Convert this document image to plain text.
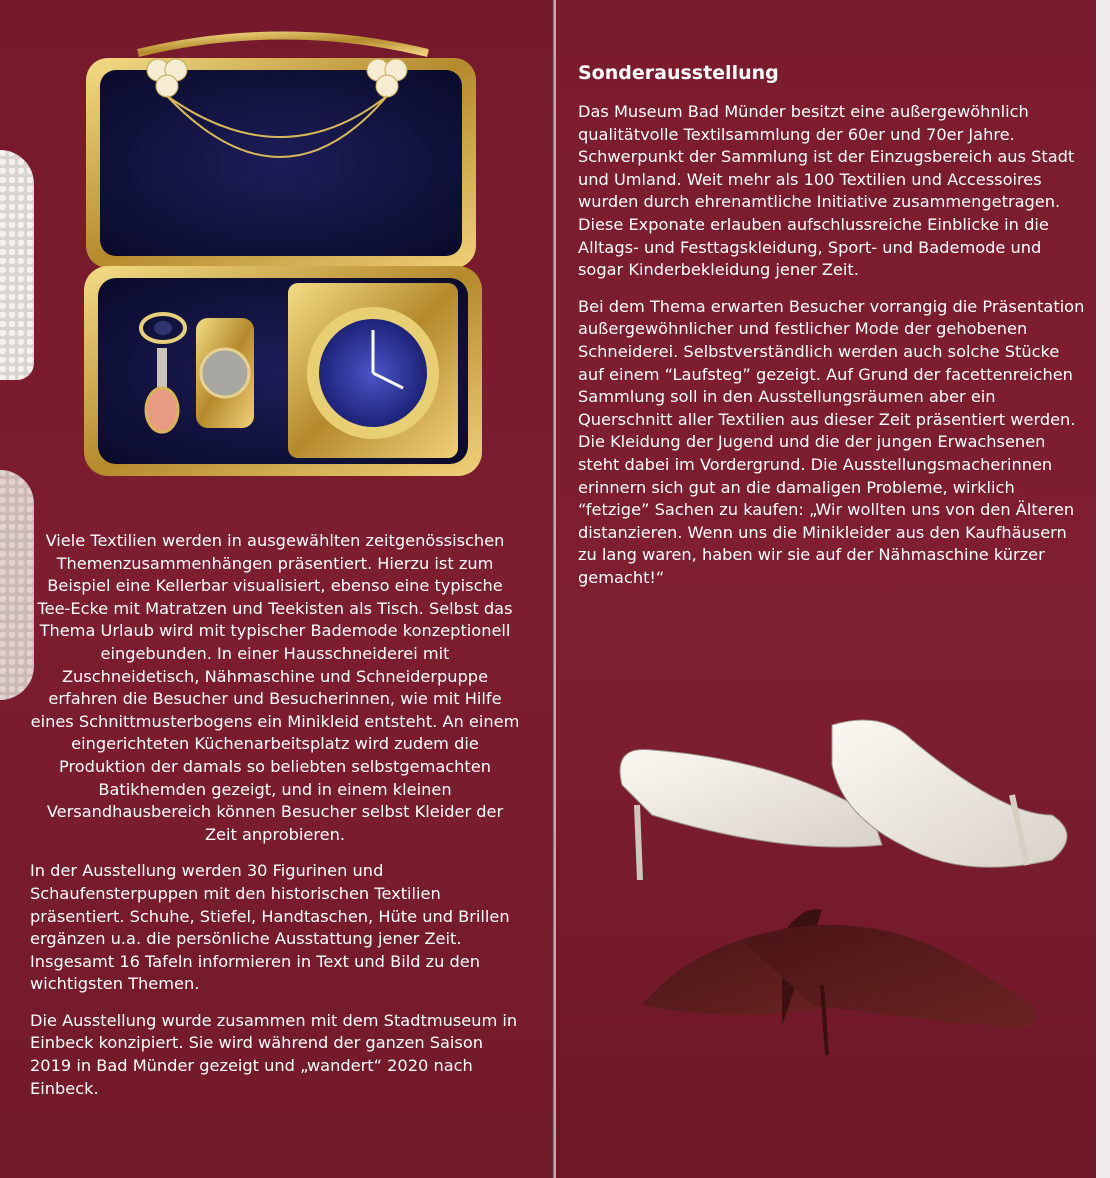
Viele Textilien werden in ausgewählten zeitgenössischen Themenzusammenhängen präsentiert. Hierzu ist zum Beispiel eine Kellerbar visualisiert, ebenso eine typische Tee-Ecke mit Matratzen und Teekisten als Tisch. Selbst das Thema Urlaub wird mit typischer Bademode konzeptionell eingebunden. In einer Hausschneiderei mit Zuschneidetisch, Nähmaschine und Schneiderpuppe erfahren die Besucher und Besucherinnen, wie mit Hilfe eines Schnittmusterbogens ein Minikleid entsteht. An einem eingerichteten Küchenarbeitsplatz wird zudem die Produktion der damals so beliebten selbstgemachten Batikhemden gezeigt, und in einem kleinen Versandhausbereich können Besucher selbst Kleider der Zeit anprobieren.

In der Ausstellung werden 30 Figurinen und Schaufensterpuppen mit den historischen Textilien präsentiert. Schuhe, Stiefel, Handtaschen, Hüte und Brillen ergänzen u.a. die persönliche Ausstattung jener Zeit. Insgesamt 16 Tafeln informieren in Text und Bild zu den wichtigsten Themen.

Die Ausstellung wurde zusammen mit dem Stadtmuseum in Einbeck konzipiert. Sie wird während der ganzen Saison 2019 in Bad Münder gezeigt und „wandert“ 2020 nach Einbeck.

Sonderausstellung

Das Museum Bad Münder besitzt eine außergewöhnlich qualitätvolle Textilsammlung der 60er und 70er Jahre. Schwerpunkt der Sammlung ist der Einzugsbereich aus Stadt und Umland. Weit mehr als 100 Textilien und Accessoires wurden durch ehrenamtliche Initiative zusammengetragen. Diese Exponate erlauben aufschlussreiche Einblicke in die Alltags- und Festtagskleidung, Sport- und Bademode und sogar Kinderbekleidung jener Zeit.

Bei dem Thema erwarten Besucher vorrangig die Präsentation außergewöhnlicher und festlicher Mode der gehobenen Schneiderei. Selbstverständlich werden auch solche Stücke auf einem “Laufsteg” gezeigt. Auf Grund der facettenreichen Sammlung soll in den Ausstellungsräumen aber ein Querschnitt aller Textilien aus dieser Zeit präsentiert werden. Die Kleidung der Jugend und die der jungen Erwachsenen steht dabei im Vordergrund. Die Ausstellungsmacherinnen erinnern sich gut an die damaligen Probleme, wirklich “fetzige” Sachen zu kaufen: „Wir wollten uns von den Älteren distanzieren. Wenn uns die Minikleider aus den Kaufhäusern zu lang waren, haben wir sie auf der Nähmaschine kürzer gemacht!“
